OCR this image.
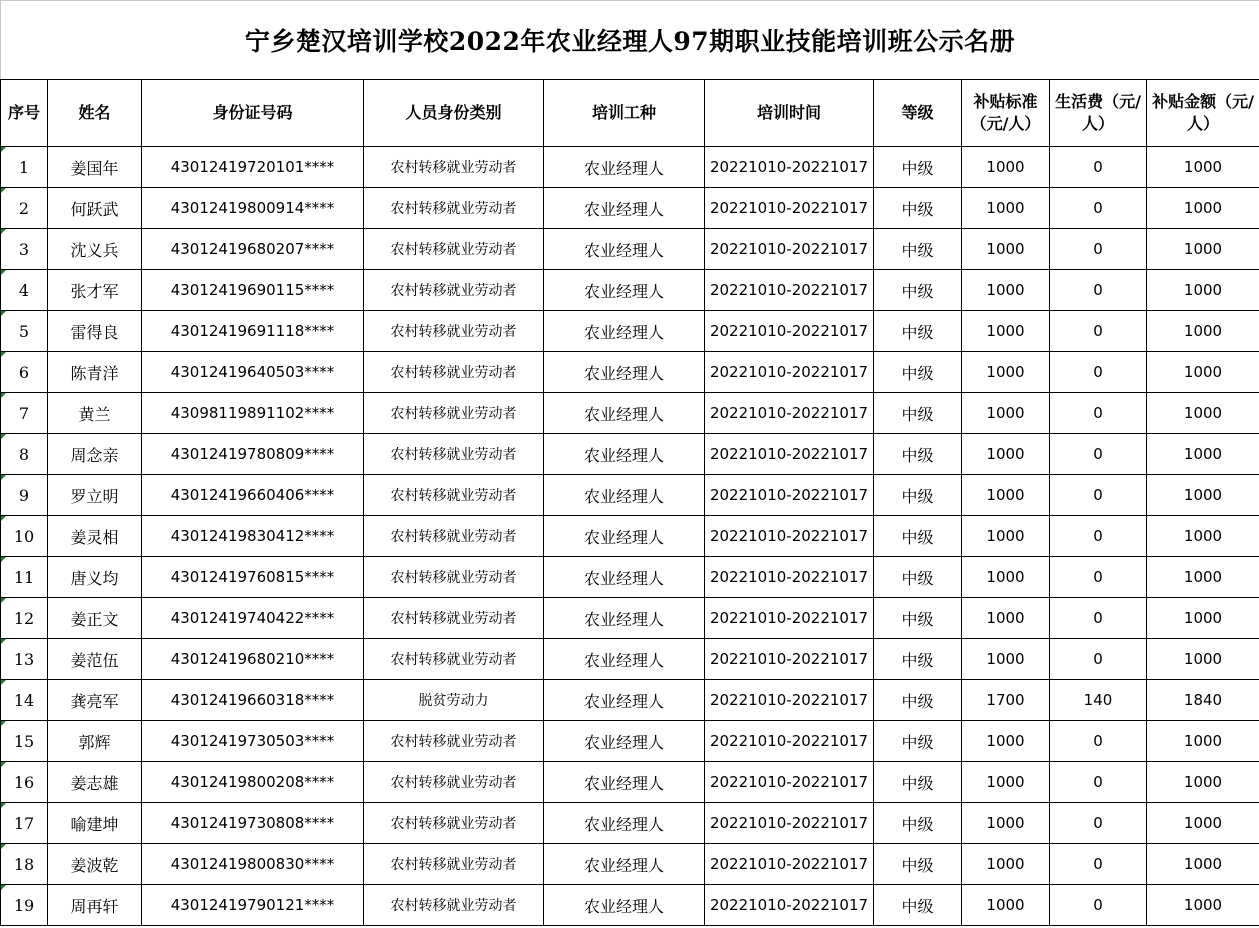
宁乡楚汉培训学校2022年农业经理人97期职业技能培训班公示名册
序号	姓名	身份证号码	人员身份类别	培训工种	培训时间	等级	补贴标准（元/人）	生活费（元/人）	补贴金额（元/人）
1	姜国年	43012419720101****	农村转移就业劳动者	农业经理人	20221010-20221017	中级	1000	0	1000
2	何跃武	43012419800914****	农村转移就业劳动者	农业经理人	20221010-20221017	中级	1000	0	1000
3	沈义兵	43012419680207****	农村转移就业劳动者	农业经理人	20221010-20221017	中级	1000	0	1000
4	张才军	43012419690115****	农村转移就业劳动者	农业经理人	20221010-20221017	中级	1000	0	1000
5	雷得良	43012419691118****	农村转移就业劳动者	农业经理人	20221010-20221017	中级	1000	0	1000
6	陈青洋	43012419640503****	农村转移就业劳动者	农业经理人	20221010-20221017	中级	1000	0	1000
7	黄兰	43098119891102****	农村转移就业劳动者	农业经理人	20221010-20221017	中级	1000	0	1000
8	周念亲	43012419780809****	农村转移就业劳动者	农业经理人	20221010-20221017	中级	1000	0	1000
9	罗立明	43012419660406****	农村转移就业劳动者	农业经理人	20221010-20221017	中级	1000	0	1000
10	姜灵相	43012419830412****	农村转移就业劳动者	农业经理人	20221010-20221017	中级	1000	0	1000
11	唐义均	43012419760815****	农村转移就业劳动者	农业经理人	20221010-20221017	中级	1000	0	1000
12	姜正文	43012419740422****	农村转移就业劳动者	农业经理人	20221010-20221017	中级	1000	0	1000
13	姜范伍	43012419680210****	农村转移就业劳动者	农业经理人	20221010-20221017	中级	1000	0	1000
14	龚亮军	43012419660318****	脱贫劳动力	农业经理人	20221010-20221017	中级	1700	140	1840
15	郭辉	43012419730503****	农村转移就业劳动者	农业经理人	20221010-20221017	中级	1000	0	1000
16	姜志雄	43012419800208****	农村转移就业劳动者	农业经理人	20221010-20221017	中级	1000	0	1000
17	喻建坤	43012419730808****	农村转移就业劳动者	农业经理人	20221010-20221017	中级	1000	0	1000
18	姜波乾	43012419800830****	农村转移就业劳动者	农业经理人	20221010-20221017	中级	1000	0	1000
19	周再轩	43012419790121****	农村转移就业劳动者	农业经理人	20221010-20221017	中级	1000	0	1000
